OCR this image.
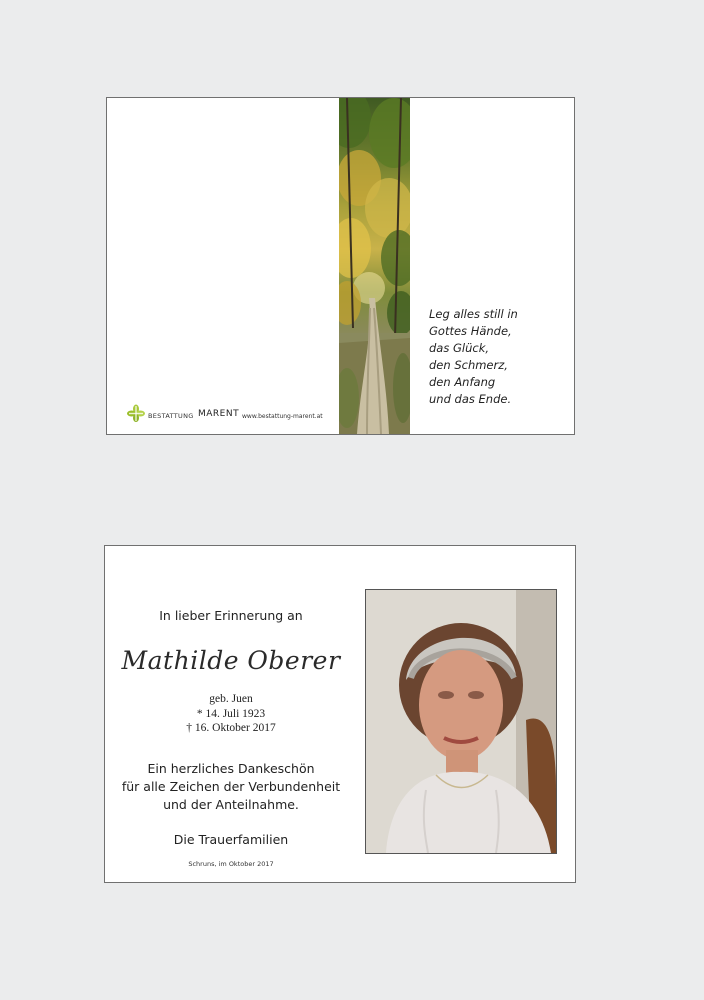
Leg alles still in
Gottes Hände,
das Glück,
den Schmerz,
den Anfang
und das Ende.
BESTATTUNG MARENT www.bestattung-marent.at
In lieber Erinnerung an
Mathilde Oberer
geb. Juen
* 14. Juli 1923
† 16. Oktober 2017
Ein herzliches Dankeschön
für alle Zeichen der Verbundenheit
und der Anteilnahme.
Die Trauerfamilien
Schruns, im Oktober 2017
